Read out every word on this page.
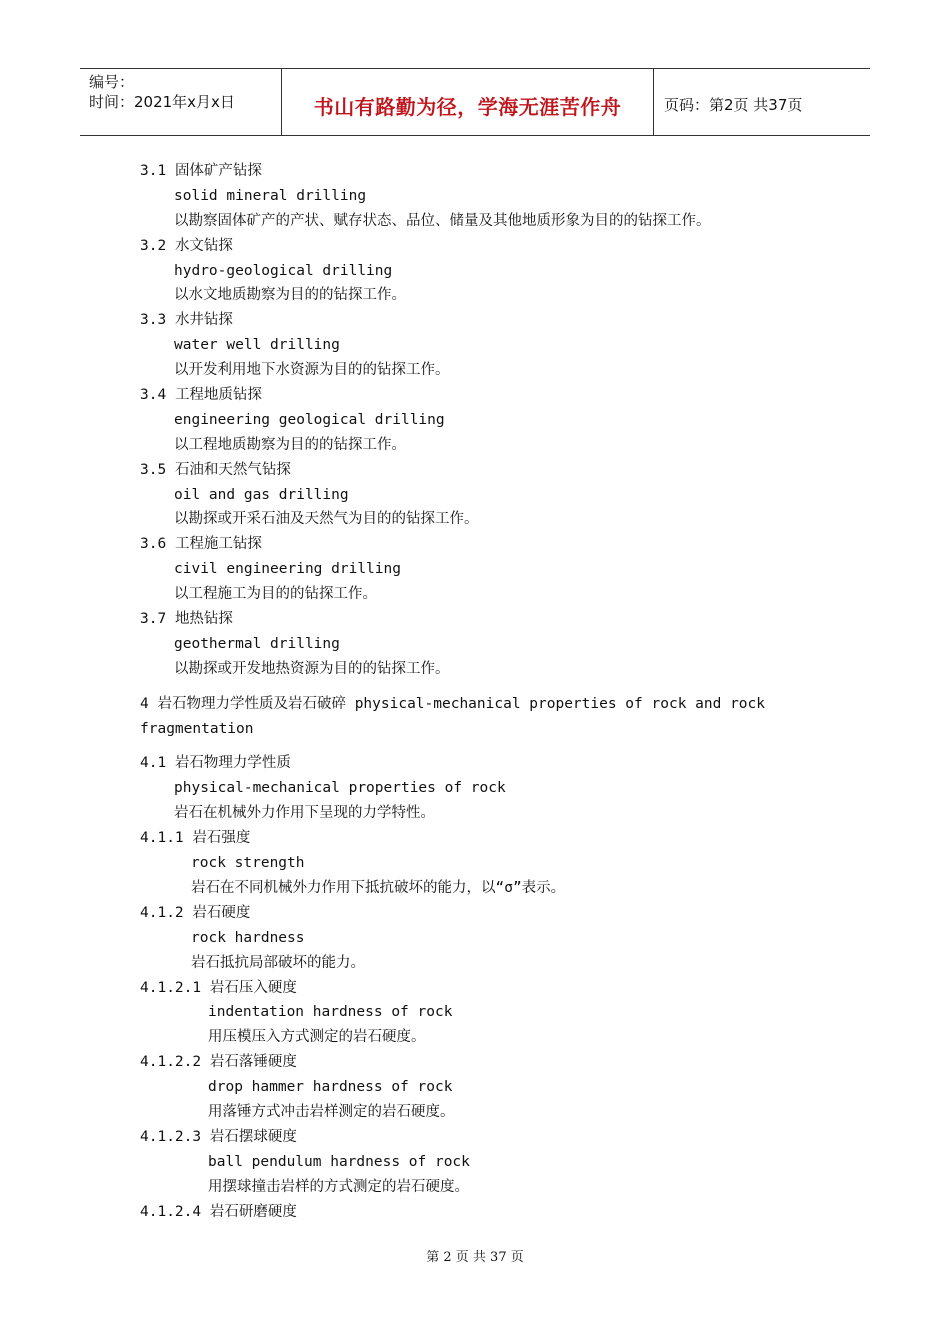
编号：
时间：2021年x月x日	书山有路勤为径，学海无涯苦作舟	页码：第2页 共37页
3.1 固体矿产钻探
solid mineral drilling
以勘察固体矿产的产状、赋存状态、品位、储量及其他地质形象为目的的钻探工作。
3.2 水文钻探
hydro-geological drilling
以水文地质勘察为目的的钻探工作。
3.3 水井钻探
water well drilling
以开发利用地下水资源为目的的钻探工作。
3.4 工程地质钻探
engineering geological drilling
以工程地质勘察为目的的钻探工作。
3.5 石油和天然气钻探
oil and gas drilling
以勘探或开采石油及天然气为目的的钻探工作。
3.6 工程施工钻探
civil engineering drilling
以工程施工为目的的钻探工作。
3.7 地热钻探
geothermal drilling
以勘探或开发地热资源为目的的钻探工作。
4 岩石物理力学性质及岩石破碎 physical-mechanical properties of rock and rock
fragmentation
4.1 岩石物理力学性质
physical-mechanical properties of rock
岩石在机械外力作用下呈现的力学特性。
4.1.1 岩石强度
rock strength
岩石在不同机械外力作用下抵抗破坏的能力，以“σ”表示。
4.1.2 岩石硬度
rock hardness
岩石抵抗局部破坏的能力。
4.1.2.1 岩石压入硬度
indentation hardness of rock
用压模压入方式测定的岩石硬度。
4.1.2.2 岩石落锤硬度
drop hammer hardness of rock
用落锤方式冲击岩样测定的岩石硬度。
4.1.2.3 岩石摆球硬度
ball pendulum hardness of rock
用摆球撞击岩样的方式测定的岩石硬度。
4.1.2.4 岩石研磨硬度
第 2 页 共 37 页
